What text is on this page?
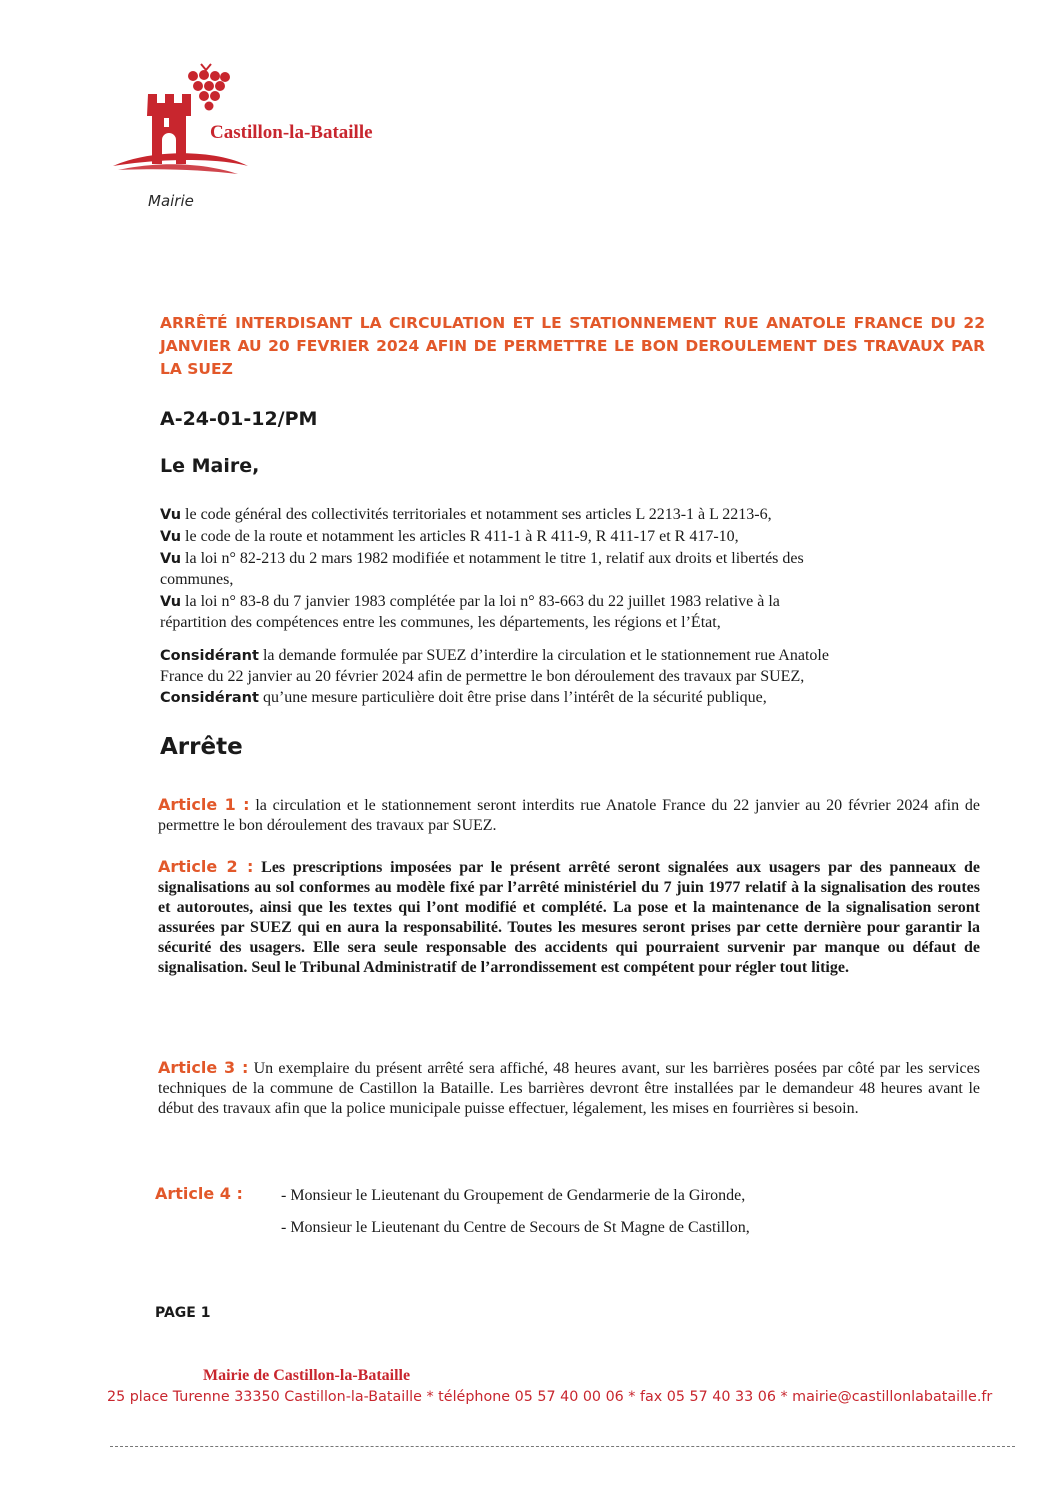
Castillon-la-Bataille
Mairie
ARRÊTÉ INTERDISANT LA CIRCULATION ET LE STATIONNEMENT RUE ANATOLE FRANCE DU 22 JANVIER AU 20 FEVRIER 2024 AFIN DE PERMETTRE LE BON DEROULEMENT DES TRAVAUX PAR LA SUEZ
A-24-01-12/PM
Le Maire,
Vu le code général des collectivités territoriales et notamment ses articles L 2213-1 à L 2213-6,
Vu le code de la route et notamment les articles R 411-1 à R 411-9, R 411-17 et R 417-10,
Vu la loi n° 82-213 du 2 mars 1982 modifiée et notamment le titre 1, relatif aux droits et libertés des
communes,
Vu la loi n° 83-8 du 7 janvier 1983 complétée par la loi n° 83-663 du 22 juillet 1983 relative à la
répartition des compétences entre les communes, les départements, les régions et l’État,
Considérant la demande formulée par SUEZ d’interdire la circulation et le stationnement rue Anatole
France du 22 janvier au 20 février 2024 afin de permettre le bon déroulement des travaux par SUEZ,
Considérant qu’une mesure particulière doit être prise dans l’intérêt de la sécurité publique,
Arrête
Article 1 : la circulation et le stationnement seront interdits rue Anatole France du 22 janvier au 20 février 2024 afin de permettre le bon déroulement des travaux par SUEZ.
Article 2 : Les prescriptions imposées par le présent arrêté seront signalées aux usagers par des panneaux de signalisations au sol conformes au modèle fixé par l’arrêté ministériel du 7 juin 1977 relatif à la signalisation des routes et autoroutes, ainsi que les textes qui l’ont modifié et complété. La pose et la maintenance de la signalisation seront assurées par SUEZ qui en aura la responsabilité. Toutes les mesures seront prises par cette dernière pour garantir la sécurité des usagers. Elle sera seule responsable des accidents qui pourraient survenir par manque ou défaut de signalisation. Seul le Tribunal Administratif de l’arrondissement est compétent pour régler tout litige.
Article 3 : Un exemplaire du présent arrêté sera affiché, 48 heures avant, sur les barrières posées par côté par les services techniques de la commune de Castillon la Bataille. Les barrières devront être installées par le demandeur 48 heures avant le début des travaux afin que la police municipale puisse effectuer, légalement, les mises en fourrières si besoin.
Article 4 : - Monsieur le Lieutenant du Groupement de Gendarmerie de la Gironde,
- Monsieur le Lieutenant du Centre de Secours de St Magne de Castillon,
PAGE 1
Mairie de Castillon-la-Bataille
25 place Turenne 33350 Castillon-la-Bataille * téléphone 05 57 40 00 06 * fax 05 57 40 33 06 * mairie@castillonlabataille.fr
